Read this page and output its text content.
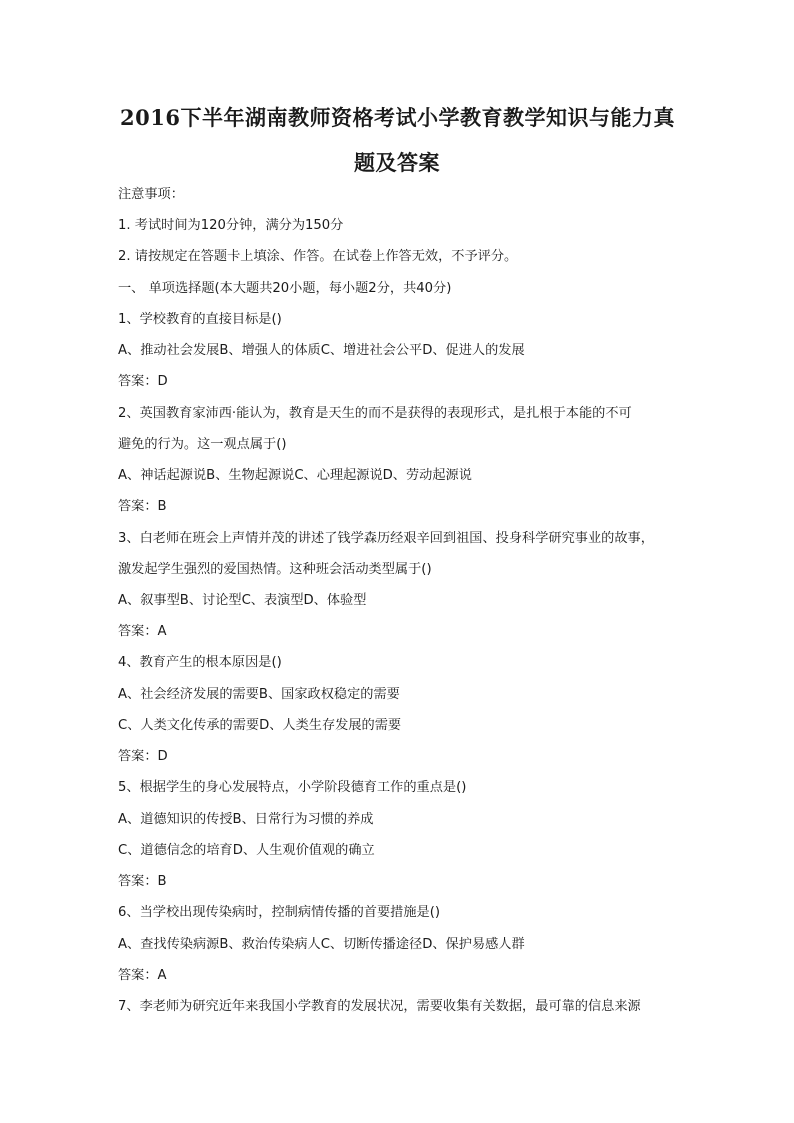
2016下半年湖南教师资格考试小学教育教学知识与能力真
题及答案
注意事项：
1. 考试时间为120分钟，满分为150分
2. 请按规定在答题卡上填涂、作答。在试卷上作答无效，不予评分。
一、 单项选择题(本大题共20小题，每小题2分，共40分)
1、学校教育的直接目标是()
A、推动社会发展B、增强人的体质C、增进社会公平D、促进人的发展
答案：D
2、英国教育家沛西·能认为，教育是天生的而不是获得的表现形式，是扎根于本能的不可
避免的行为。这一观点属于()
A、神话起源说B、生物起源说C、心理起源说D、劳动起源说
答案：B
3、白老师在班会上声情并茂的讲述了钱学森历经艰辛回到祖国、投身科学研究事业的故事，
激发起学生强烈的爱国热情。这种班会活动类型属于()
A、叙事型B、讨论型C、表演型D、体验型
答案：A
4、教育产生的根本原因是()
A、社会经济发展的需要B、国家政权稳定的需要
C、人类文化传承的需要D、人类生存发展的需要
答案：D
5、根据学生的身心发展特点，小学阶段德育工作的重点是()
A、道德知识的传授B、日常行为习惯的养成
C、道德信念的培育D、人生观价值观的确立
答案：B
6、当学校出现传染病时，控制病情传播的首要措施是()
A、查找传染病源B、救治传染病人C、切断传播途径D、保护易感人群
答案：A
7、李老师为研究近年来我国小学教育的发展状况，需要收集有关数据，最可靠的信息来源
